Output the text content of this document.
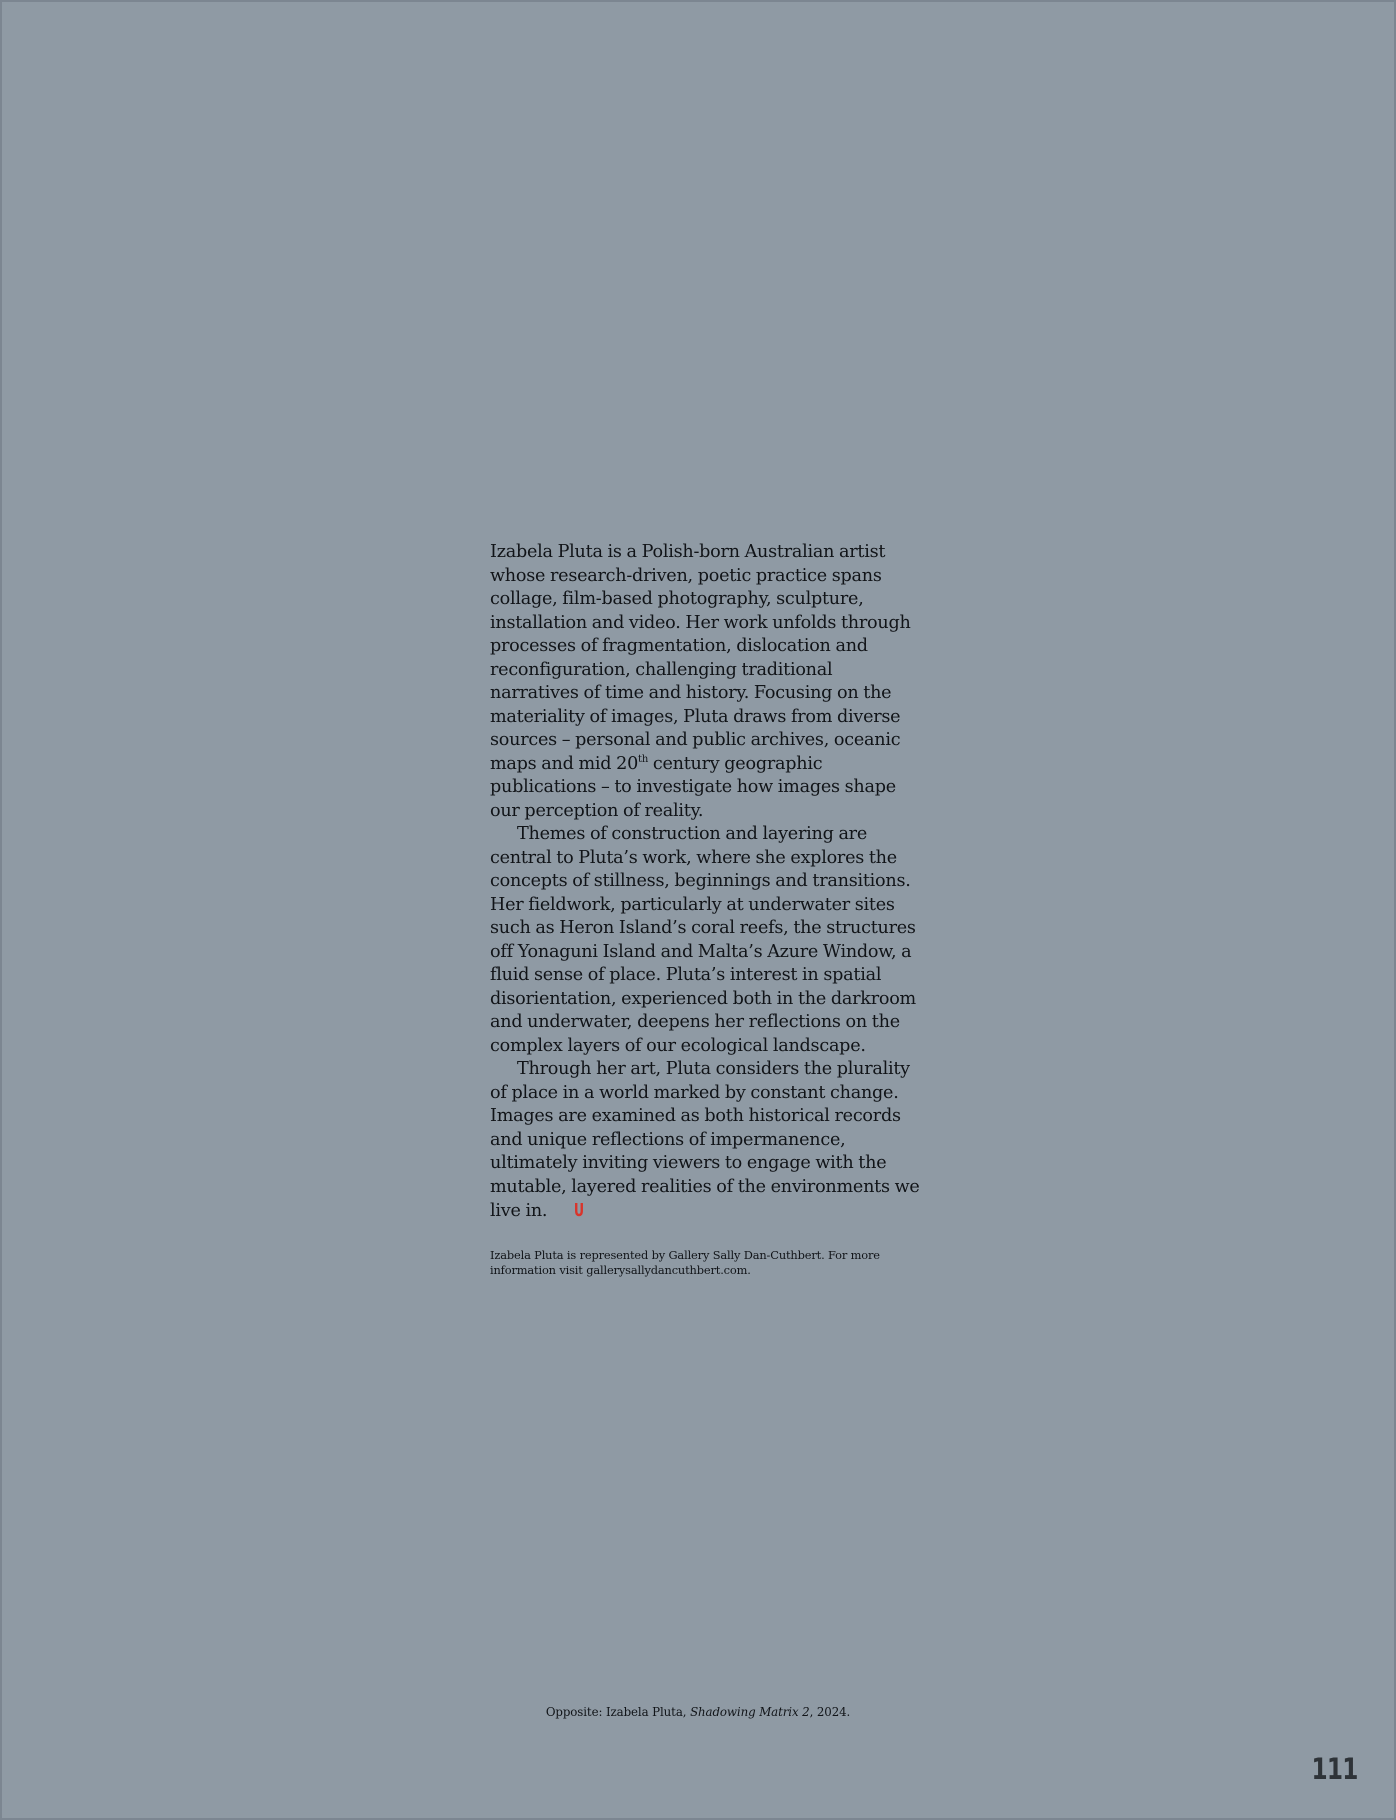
Izabela Pluta is a Polish-born Australian artist whose research-driven, poetic practice spans collage, film-based photography, sculpture, installation and video. Her work unfolds through processes of fragmentation, dislocation and reconfiguration, challenging traditional narratives of time and history. Focusing on the materiality of images, Pluta draws from diverse sources – personal and public archives, oceanic maps and mid 20th century geographic publications – to investigate how images shape our perception of reality.

Themes of construction and layering are central to Pluta’s work, where she explores the concepts of stillness, beginnings and transitions. Her fieldwork, particularly at underwater sites such as Heron Island’s coral reefs, the structures off Yonaguni Island and Malta’s Azure Window, a fluid sense of place. Pluta’s interest in spatial disorientation, experienced both in the darkroom and underwater, deepens her reflections on the complex layers of our ecological landscape.

Through her art, Pluta considers the plurality of place in a world marked by constant change. Images are examined as both historical records and unique reflections of impermanence, ultimately inviting viewers to engage with the mutable, layered realities of the environments we live in. U

Izabela Pluta is represented by Gallery Sally Dan-Cuthbert. For more information visit gallerysallydancuthbert.com.

Opposite: Izabela Pluta, Shadowing Matrix 2, 2024.
111
